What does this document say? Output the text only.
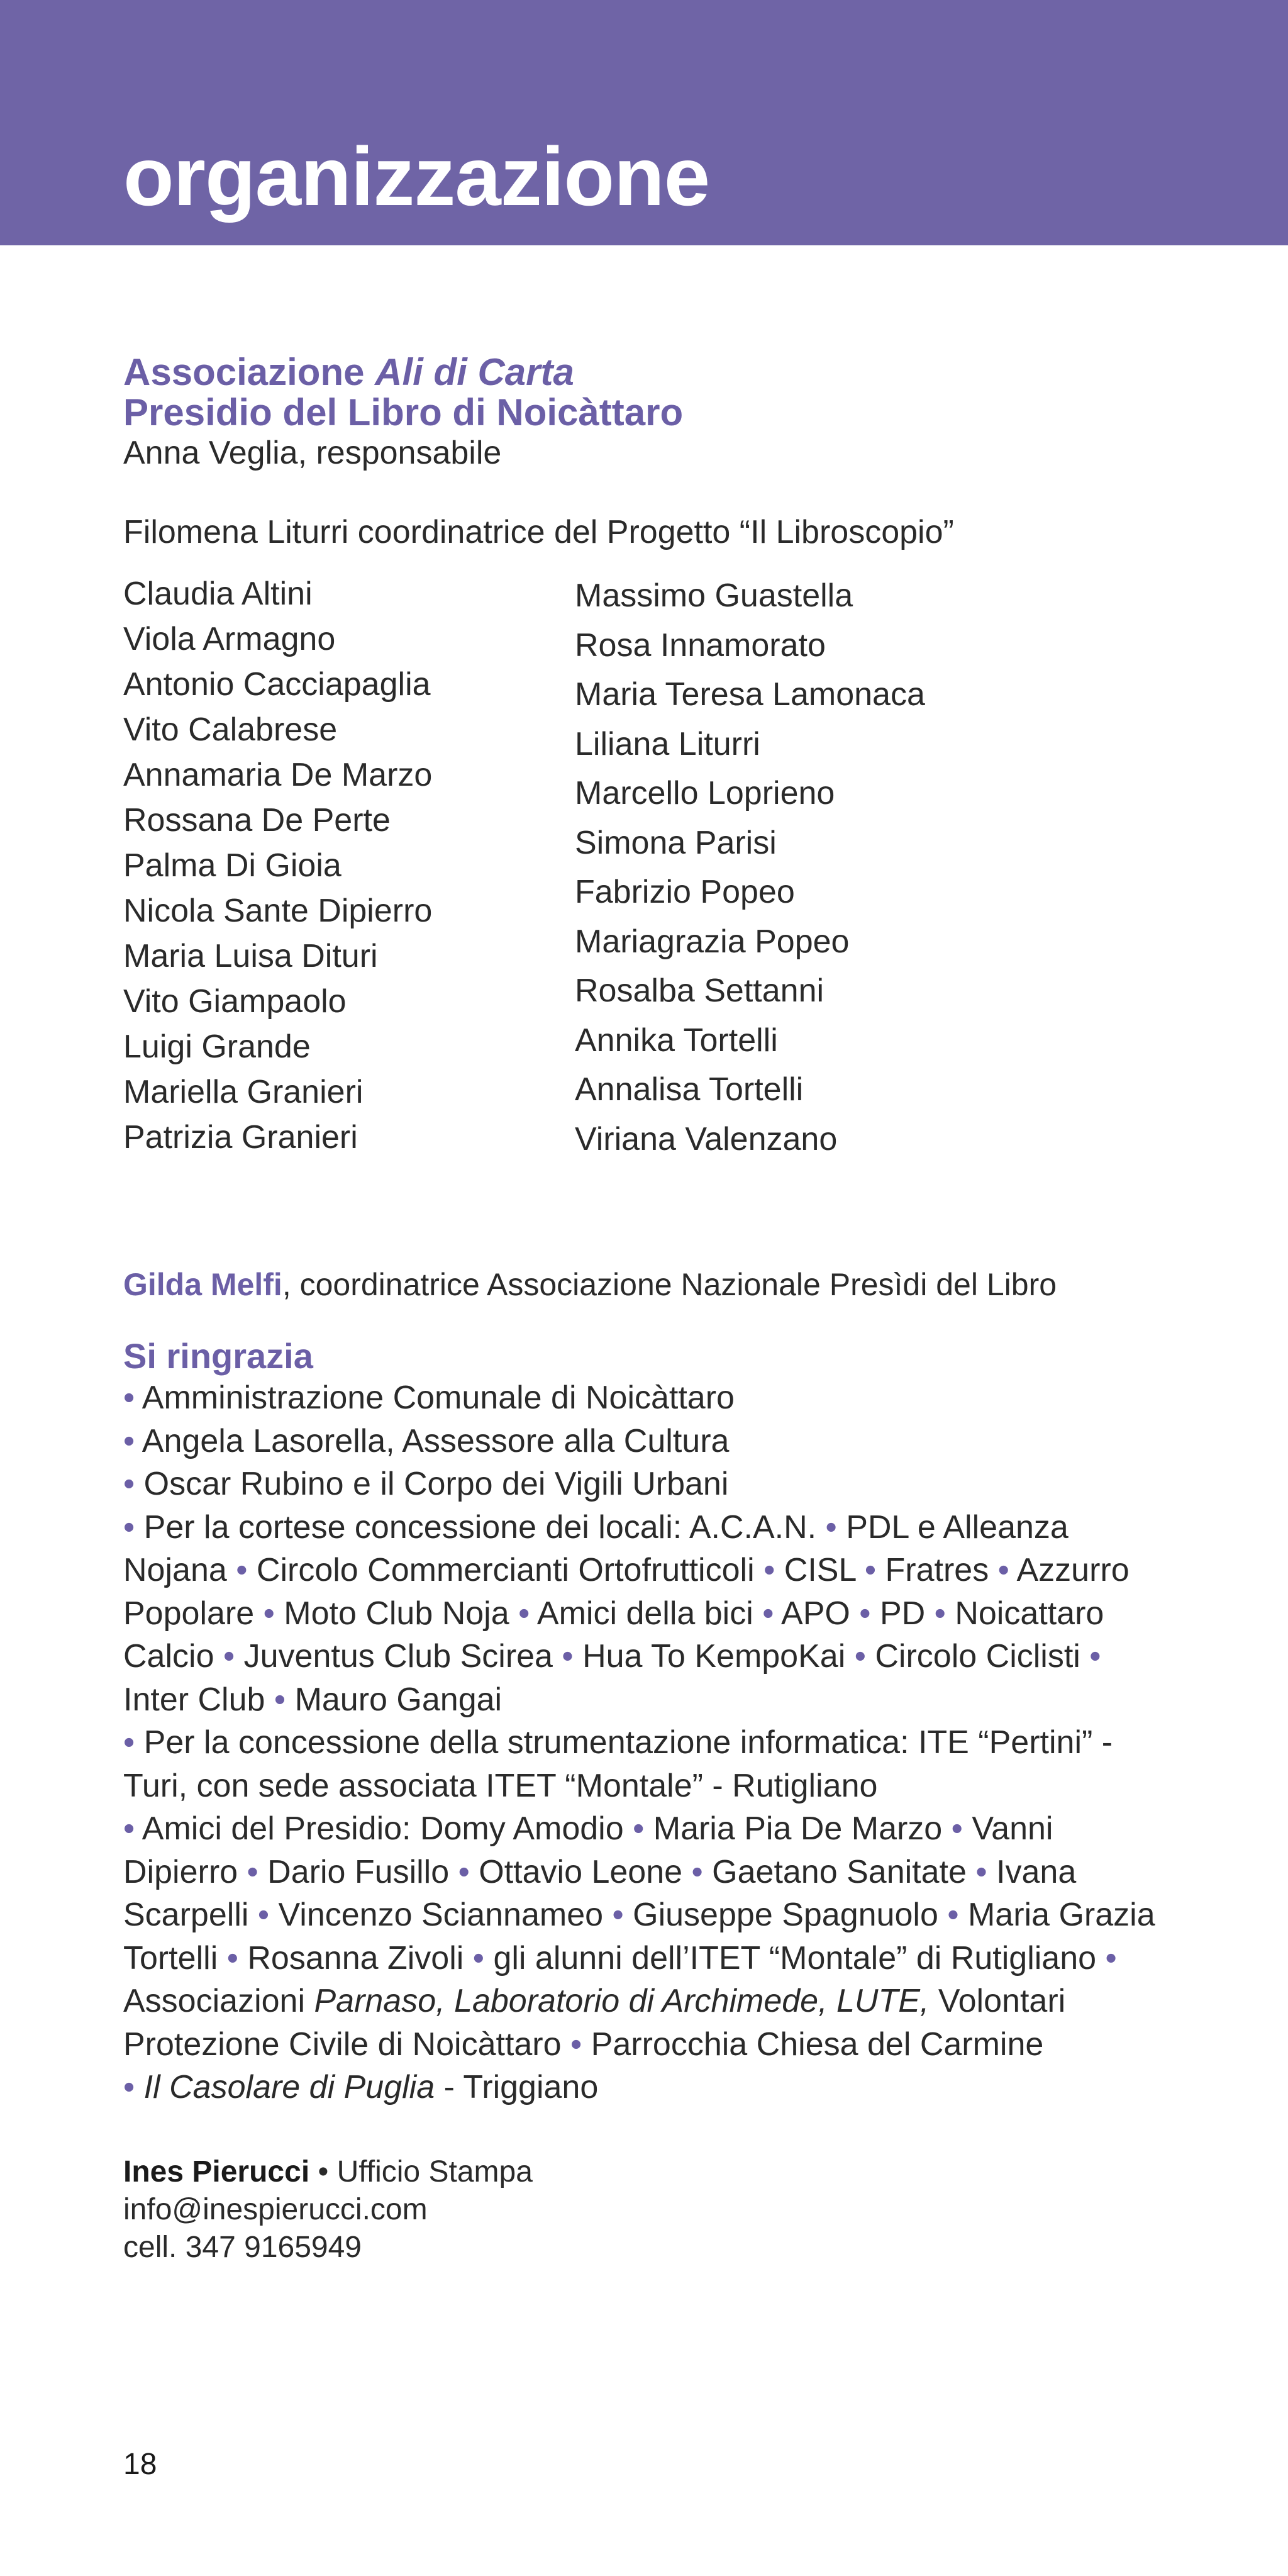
organizzazione
Associazione Ali di Carta
Presidio del Libro di Noicàttaro
Anna Veglia, responsabile
Filomena Liturri coordinatrice del Progetto “Il Libroscopio”
Claudia Altini
Viola Armagno
Antonio Cacciapaglia
Vito Calabrese
Annamaria De Marzo
Rossana De Perte
Palma Di Gioia
Nicola Sante Dipierro
Maria Luisa Dituri
Vito Giampaolo
Luigi Grande
Mariella Granieri
Patrizia Granieri
Massimo Guastella
Rosa Innamorato
Maria Teresa Lamonaca
Liliana Liturri
Marcello Loprieno
Simona Parisi
Fabrizio Popeo
Mariagrazia Popeo
Rosalba Settanni
Annika Tortelli
Annalisa Tortelli
Viriana Valenzano
Gilda Melfi, coordinatrice Associazione Nazionale Presìdi del Libro
Si ringrazia
• Amministrazione Comunale di Noicàttaro
• Angela Lasorella, Assessore alla Cultura
• Oscar Rubino e il Corpo dei Vigili Urbani
• Per la cortese concessione dei locali: A.C.A.N. • PDL e Alleanza Nojana • Circolo Commercianti Ortofrutticoli • CISL • Fratres • Azzurro Popolare • Moto Club Noja • Amici della bici • APO • PD • Noicattaro Calcio • Juventus Club Scirea • Hua To KempoKai • Circolo Ciclisti • Inter Club • Mauro Gangai
• Per la concessione della strumentazione informatica: ITE “Pertini” - Turi, con sede associata ITET “Montale” - Rutigliano
• Amici del Presidio: Domy Amodio • Maria Pia De Marzo • Vanni Dipierro • Dario Fusillo • Ottavio Leone • Gaetano Sanitate • Ivana Scarpelli • Vincenzo Sciannameo • Giuseppe Spagnuolo • Maria Grazia Tortelli • Rosanna Zivoli • gli alunni dell’ITET “Montale” di Rutigliano • Associazioni Parnaso, Laboratorio di Archimede, LUTE, Volontari Protezione Civile di Noicàttaro • Parrocchia Chiesa del Carmine
• Il Casolare di Puglia - Triggiano
Ines Pierucci • Ufficio Stampa
info@inespierucci.com
cell. 347 9165949
18
